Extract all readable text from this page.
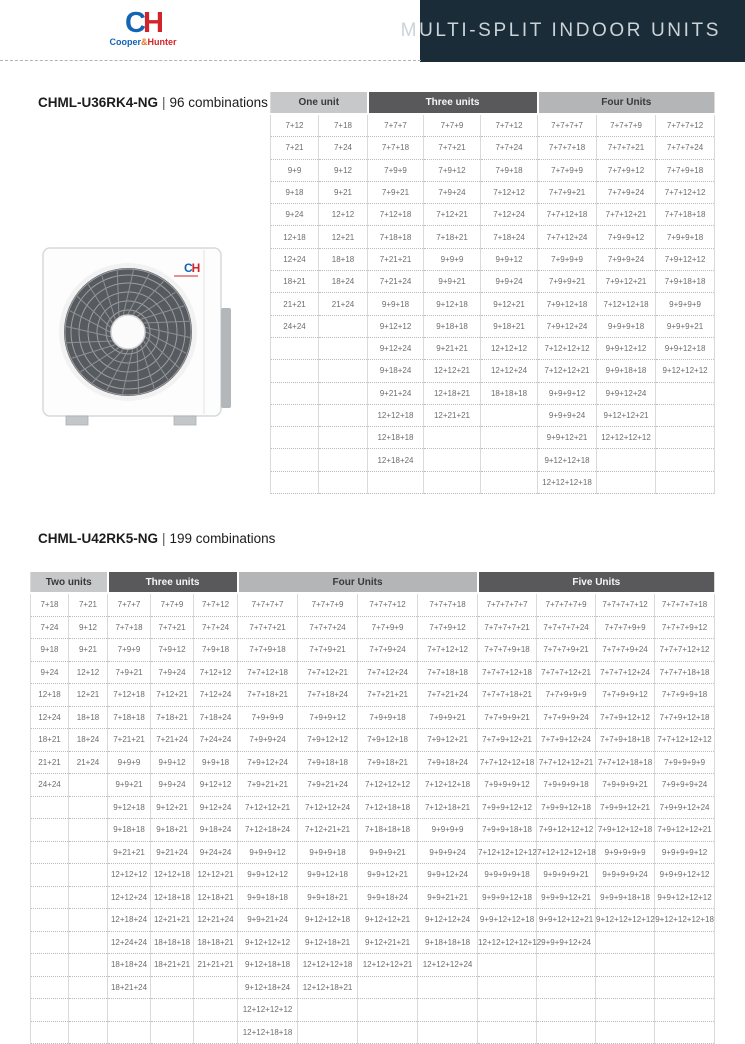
CH
Cooper&Hunter
MULTI-SPLIT INDOOR UNITS
CHML-U36RK4-NG | 96 combinations	One unit		Three units			Four Units		
7+12	7+18	7+7+7	7+7+9	7+7+12	7+7+7+7	7+7+7+9	7+7+7+12
7+21	7+24	7+7+18	7+7+21	7+7+24	7+7+7+18	7+7+7+21	7+7+7+24
9+9	9+12	7+9+9	7+9+12	7+9+18	7+7+9+9	7+7+9+12	7+7+9+18
9+18	9+21	7+9+21	7+9+24	7+12+12	7+7+9+21	7+7+9+24	7+7+12+12
9+24	12+12	7+12+18	7+12+21	7+12+24	7+7+12+18	7+7+12+21	7+7+18+18
12+18	12+21	7+18+18	7+18+21	7+18+24	7+7+12+24	7+9+9+12	7+9+9+18
12+24	18+18	7+21+21	9+9+9	9+9+12	7+9+9+9	7+9+9+24	7+9+12+12
18+21	18+24	7+21+24	9+9+21	9+9+24	7+9+9+21	7+9+12+21	7+9+18+18
21+21	21+24	9+9+18	9+12+18	9+12+21	7+9+12+18	7+12+12+18	9+9+9+9
24+24		9+12+12	9+18+18	9+18+21	7+9+12+24	9+9+9+18	9+9+9+21
		9+12+24	9+21+21	12+12+12	7+12+12+12	9+9+12+12	9+9+12+18
		9+18+24	12+12+21	12+12+24	7+12+12+21	9+9+18+18	9+12+12+12
		9+21+24	12+18+21	18+18+18	9+9+9+12	9+9+12+24	
		12+12+18	12+21+21		9+9+9+24	9+12+12+21	
		12+18+18			9+9+12+21	12+12+12+12	
		12+18+24			9+12+12+18		
					12+12+12+18		
CH
CHML-U42RK5-NG | 199 combinations
Two units		Three units			Four Units				Five Units			
7+18	7+21	7+7+7	7+7+9	7+7+12	7+7+7+7	7+7+7+9	7+7+7+12	7+7+7+18	7+7+7+7+7	7+7+7+7+9	7+7+7+7+12	7+7+7+7+18
7+24	9+12	7+7+18	7+7+21	7+7+24	7+7+7+21	7+7+7+24	7+7+9+9	7+7+9+12	7+7+7+7+21	7+7+7+7+24	7+7+7+9+9	7+7+7+9+12
9+18	9+21	7+9+9	7+9+12	7+9+18	7+7+9+18	7+7+9+21	7+7+9+24	7+7+12+12	7+7+7+9+18	7+7+7+9+21	7+7+7+9+24	7+7+7+12+12
9+24	12+12	7+9+21	7+9+24	7+12+12	7+7+12+18	7+7+12+21	7+7+12+24	7+7+18+18	7+7+7+12+18	7+7+7+12+21	7+7+7+12+24	7+7+7+18+18
12+18	12+21	7+12+18	7+12+21	7+12+24	7+7+18+21	7+7+18+24	7+7+21+21	7+7+21+24	7+7+7+18+21	7+7+9+9+9	7+7+9+9+12	7+7+9+9+18
12+24	18+18	7+18+18	7+18+21	7+18+24	7+9+9+9	7+9+9+12	7+9+9+18	7+9+9+21	7+7+9+9+21	7+7+9+9+24	7+7+9+12+12	7+7+9+12+18
18+21	18+24	7+21+21	7+21+24	7+24+24	7+9+9+24	7+9+12+12	7+9+12+18	7+9+12+21	7+7+9+12+21	7+7+9+12+24	7+7+9+18+18	7+7+12+12+12
21+21	21+24	9+9+9	9+9+12	9+9+18	7+9+12+24	7+9+18+18	7+9+18+21	7+9+18+24	7+7+12+12+18	7+7+12+12+21	7+7+12+18+18	7+9+9+9+9
24+24		9+9+21	9+9+24	9+12+12	7+9+21+21	7+9+21+24	7+12+12+12	7+12+12+18	7+9+9+9+12	7+9+9+9+18	7+9+9+9+21	7+9+9+9+24
		9+12+18	9+12+21	9+12+24	7+12+12+21	7+12+12+24	7+12+18+18	7+12+18+21	7+9+9+12+12	7+9+9+12+18	7+9+9+12+21	7+9+9+12+24
		9+18+18	9+18+21	9+18+24	7+12+18+24	7+12+21+21	7+18+18+18	9+9+9+9	7+9+9+18+18	7+9+12+12+12	7+9+12+12+18	7+9+12+12+21
		9+21+21	9+21+24	9+24+24	9+9+9+12	9+9+9+18	9+9+9+21	9+9+9+24	7+12+12+12+12	7+12+12+12+18	9+9+9+9+9	9+9+9+9+12
		12+12+12	12+12+18	12+12+21	9+9+12+12	9+9+12+18	9+9+12+21	9+9+12+24	9+9+9+9+18	9+9+9+9+21	9+9+9+9+24	9+9+9+12+12
		12+12+24	12+18+18	12+18+21	9+9+18+18	9+9+18+21	9+9+18+24	9+9+21+21	9+9+9+12+18	9+9+9+12+21	9+9+9+18+18	9+9+12+12+12
		12+18+24	12+21+21	12+21+24	9+9+21+24	9+12+12+18	9+12+12+21	9+12+12+24	9+9+12+12+18	9+9+12+12+21	9+12+12+12+12	9+12+12+12+18
		12+24+24	18+18+18	18+18+21	9+12+12+12	9+12+18+21	9+12+21+21	9+18+18+18	12+12+12+12+12	9+9+9+12+24		
		18+18+24	18+21+21	21+21+21	9+12+18+18	12+12+12+18	12+12+12+21	12+12+12+24				
		18+21+24			9+12+18+24	12+12+18+21						
					12+12+12+12							
					12+12+18+18							
